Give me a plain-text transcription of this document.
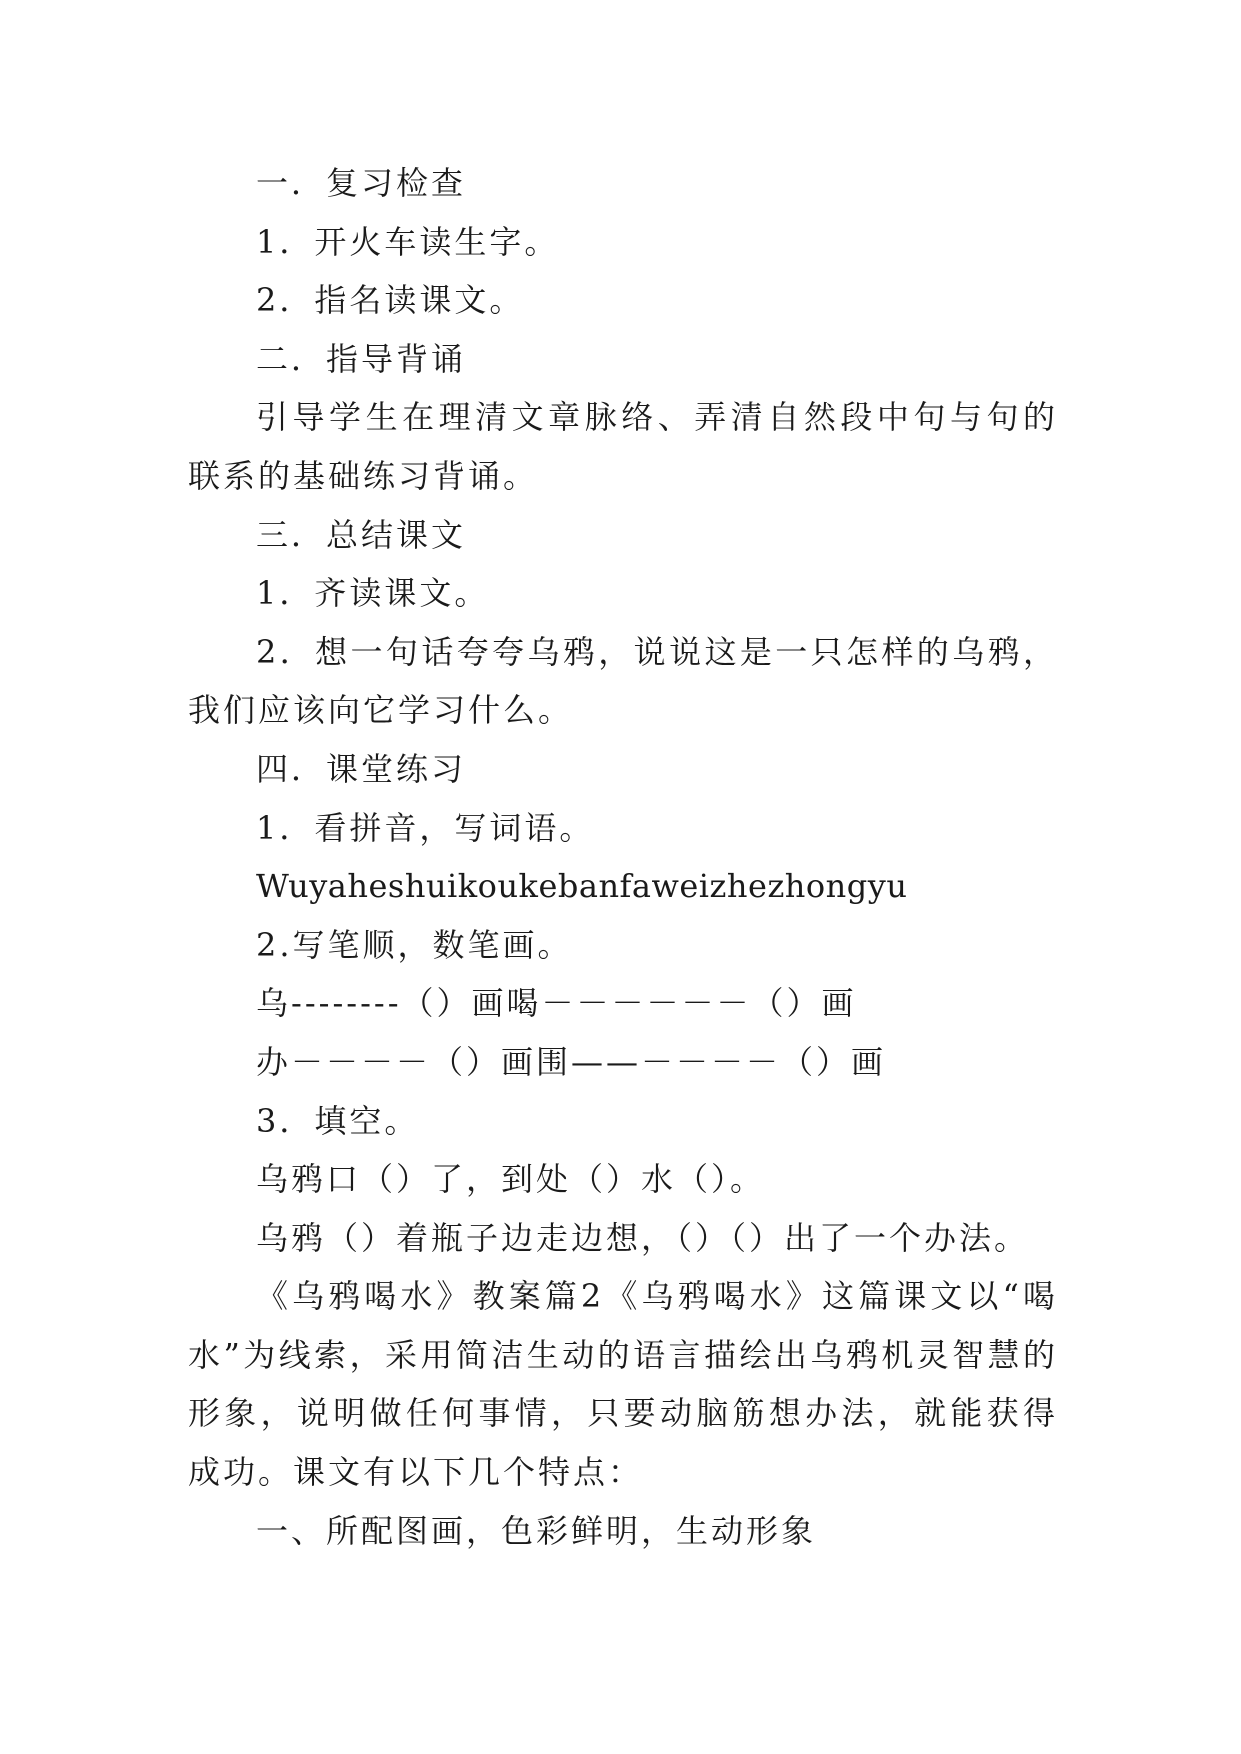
一．复习检查

1．开火车读生字。

2．指名读课文。

二．指导背诵

引导学生在理清文章脉络、弄清自然段中句与句的联系的基础练习背诵。

三．总结课文

1．齐读课文。

2．想一句话夸夸乌鸦，说说这是一只怎样的乌鸦，我们应该向它学习什么。

四．课堂练习

1．看拼音，写词语。

Wuyaheshuikoukebanfaweizhezhongyu

2.写笔顺，数笔画。

乌--------（）画喝－－－－－－（）画

办－－－－（）画围——－－－－（）画

3．填空。

乌鸦口（）了，到处（）水（）。

乌鸦（）着瓶子边走边想，（）（）出了一个办法。

《乌鸦喝水》教案篇2《乌鸦喝水》这篇课文以“喝水”为线索，采用简洁生动的语言描绘出乌鸦机灵智慧的形象，说明做任何事情，只要动脑筋想办法，就能获得成功。课文有以下几个特点：

一、所配图画，色彩鲜明，生动形象
